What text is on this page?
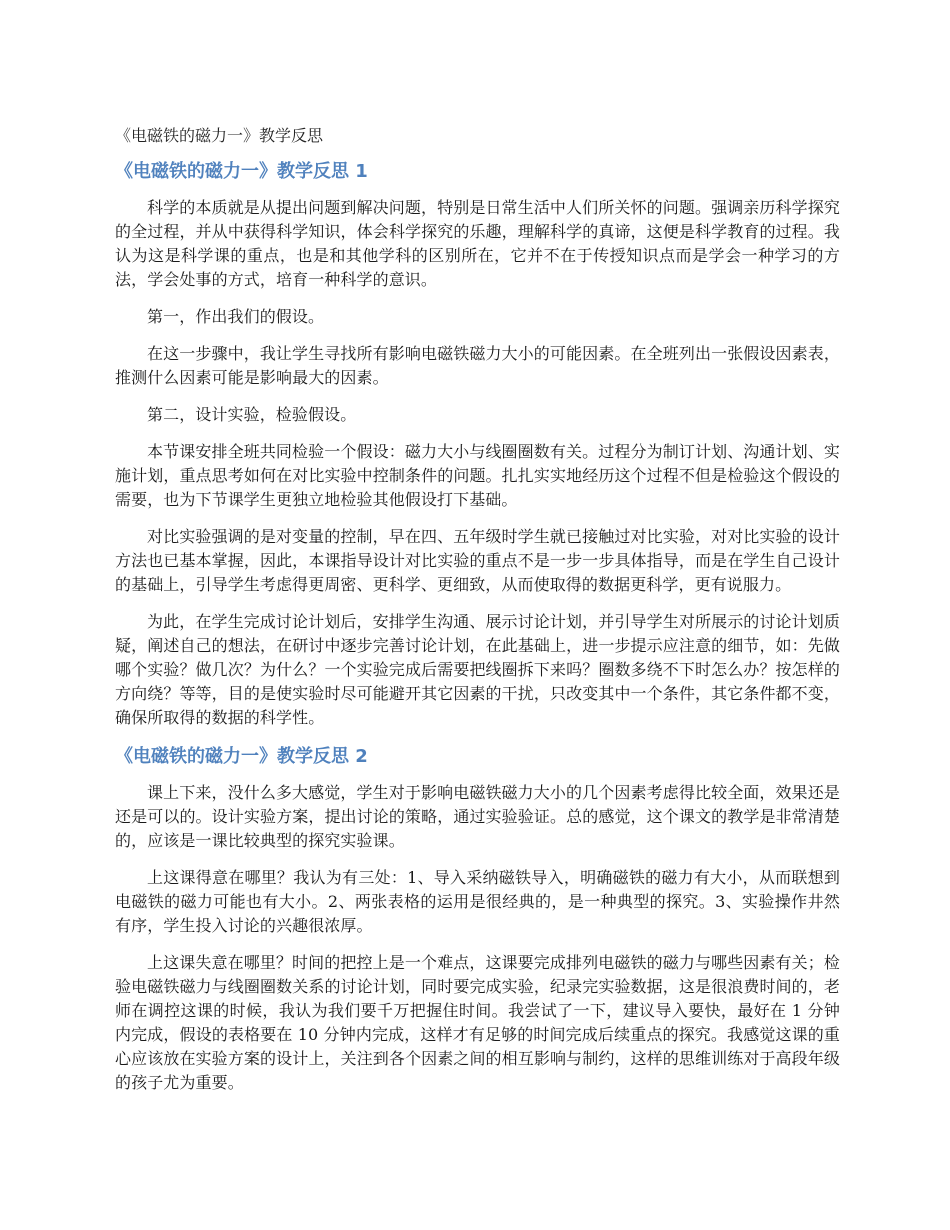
《电磁铁的磁力一》教学反思
《电磁铁的磁力一》教学反思 1

科学的本质就是从提出问题到解决问题，特别是日常生活中人们所关怀的问题。强调亲历科学探究的全过程，并从中获得科学知识，体会科学探究的乐趣，理解科学的真谛，这便是科学教育的过程。我认为这是科学课的重点，也是和其他学科的区别所在，它并不在于传授知识点而是学会一种学习的方法，学会处事的方式，培育一种科学的意识。

第一，作出我们的假设。

在这一步骤中，我让学生寻找所有影响电磁铁磁力大小的可能因素。在全班列出一张假设因素表，推测什么因素可能是影响最大的因素。

第二，设计实验，检验假设。

本节课安排全班共同检验一个假设：磁力大小与线圈圈数有关。过程分为制订计划、沟通计划、实施计划，重点思考如何在对比实验中控制条件的问题。扎扎实实地经历这个过程不但是检验这个假设的需要，也为下节课学生更独立地检验其他假设打下基础。

对比实验强调的是对变量的控制，早在四、五年级时学生就已接触过对比实验，对对比实验的设计方法也已基本掌握，因此，本课指导设计对比实验的重点不是一步一步具体指导，而是在学生自己设计的基础上，引导学生考虑得更周密、更科学、更细致，从而使取得的数据更科学，更有说服力。

为此，在学生完成讨论计划后，安排学生沟通、展示讨论计划，并引导学生对所展示的讨论计划质疑，阐述自己的想法，在研讨中逐步完善讨论计划，在此基础上，进一步提示应注意的细节，如：先做哪个实验？做几次？为什么？一个实验完成后需要把线圈拆下来吗？圈数多绕不下时怎么办？按怎样的方向绕？等等，目的是使实验时尽可能避开其它因素的干扰，只改变其中一个条件，其它条件都不变，确保所取得的数据的科学性。

《电磁铁的磁力一》教学反思 2

课上下来，没什么多大感觉，学生对于影响电磁铁磁力大小的几个因素考虑得比较全面，效果还是还是可以的。设计实验方案，提出讨论的策略，通过实验验证。总的感觉，这个课文的教学是非常清楚的，应该是一课比较典型的探究实验课。

上这课得意在哪里？我认为有三处：1、导入采纳磁铁导入，明确磁铁的磁力有大小，从而联想到电磁铁的磁力可能也有大小。2、两张表格的运用是很经典的，是一种典型的探究。3、实验操作井然有序，学生投入讨论的兴趣很浓厚。

上这课失意在哪里？时间的把控上是一个难点，这课要完成排列电磁铁的磁力与哪些因素有关；检验电磁铁磁力与线圈圈数关系的讨论计划，同时要完成实验，纪录完实验数据，这是很浪费时间的，老师在调控这课的时候，我认为我们要千万把握住时间。我尝试了一下，建议导入要快，最好在 1 分钟内完成，假设的表格要在 10 分钟内完成，这样才有足够的时间完成后续重点的探究。我感觉这课的重心应该放在实验方案的设计上，关注到各个因素之间的相互影响与制约，这样的思维训练对于高段年级的孩子尤为重要。
